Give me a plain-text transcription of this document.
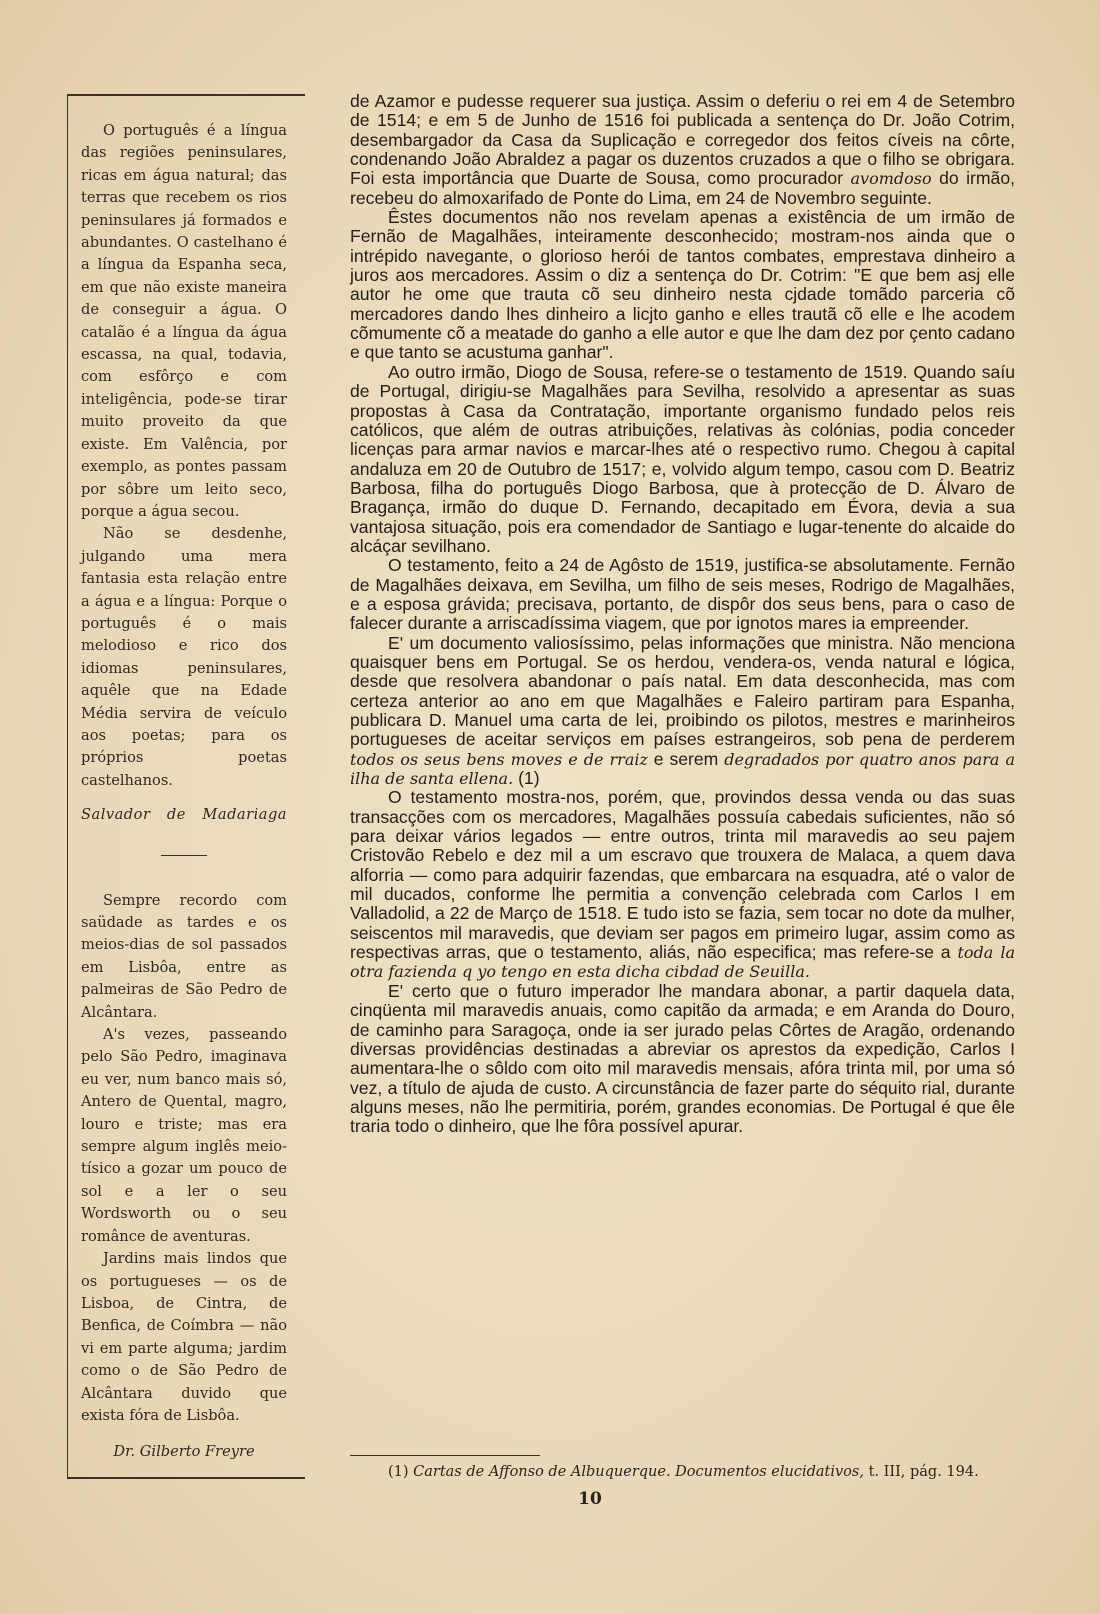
O português é a língua das regiões peninsulares, ricas em água natural; das terras que recebem os rios peninsulares já formados e abundantes. O castelhano é a língua da Espanha seca, em que não existe maneira de conseguir a água. O catalão é a língua da água escassa, na qual, todavia, com esfôrço e com inteligência, pode-se tirar muito proveito da que existe. Em Valência, por exemplo, as pontes passam por sôbre um leito seco, porque a água secou.

Não se desdenhe, julgando uma mera fantasia esta relação entre a água e a língua: Porque o português é o mais melodioso e rico dos idiomas peninsulares, aquêle que na Edade Média servira de veículo aos poetas; para os próprios poetas castelhanos.

Salvador de Madariaga

Sempre recordo com saüdade as tardes e os meios-dias de sol passados em Lisbôa, entre as palmeiras de São Pedro de Alcântara.

A's vezes, passeando pelo São Pedro, imaginava eu ver, num banco mais só, Antero de Quental, magro, louro e triste; mas era sempre algum inglês meio-tísico a gozar um pouco de sol e a ler o seu Wordsworth ou o seu românce de aventuras.

Jardins mais lindos que os portugueses — os de Lisboa, de Cintra, de Benfica, de Coímbra — não vi em parte alguma; jardim como o de São Pedro de Alcântara duvido que exista fóra de Lisbôa.

Dr. Gilberto Freyre

de Azamor e pudesse requerer sua justiça. Assim o deferiu o rei em 4 de Setembro de 1514; e em 5 de Junho de 1516 foi publicada a sentença do Dr. João Cotrim, desembargador da Casa da Suplicação e corregedor dos feitos cíveis na côrte, condenando João Abraldez a pagar os duzentos cruzados a que o filho se obrigara. Foi esta importância que Duarte de Sousa, como procurador avomdoso do irmão, recebeu do almoxarifado de Ponte do Lima, em 24 de Novembro seguinte.

Êstes documentos não nos revelam apenas a existência de um irmão de Fernão de Magalhães, inteiramente desconhecido; mostram-nos ainda que o intrépido navegante, o glorioso herói de tantos combates, emprestava dinheiro a juros aos mercadores. Assim o diz a sentença do Dr. Cotrim: "E que bem asj elle autor he ome que trauta cõ seu dinheiro nesta cjdade tomãdo parceria cõ mercadores dando lhes dinheiro a licjto ganho e elles trautã cõ elle e lhe acodem cõmumente cõ a meatade do ganho a elle autor e que lhe dam dez por çento cadano e que tanto se acustuma ganhar".

Ao outro irmão, Diogo de Sousa, refere-se o testamento de 1519. Quando saíu de Portugal, dirigiu-se Magalhães para Sevilha, resolvido a apresentar as suas propostas à Casa da Contratação, importante organismo fundado pelos reis católicos, que além de outras atribuições, relativas às colónias, podia conceder licenças para armar navios e marcar-lhes até o respectivo rumo. Chegou à capital andaluza em 20 de Outubro de 1517; e, volvido algum tempo, casou com D. Beatriz Barbosa, filha do português Diogo Barbosa, que à protecção de D. Álvaro de Bragança, irmão do duque D. Fernando, decapitado em Évora, devia a sua vantajosa situação, pois era comendador de Santiago e lugar-tenente do alcaide do alcáçar sevilhano.

O testamento, feito a 24 de Agôsto de 1519, justifica-se absolutamente. Fernão de Magalhães deixava, em Sevilha, um filho de seis meses, Rodrigo de Magalhães, e a esposa grávida; precisava, portanto, de dispôr dos seus bens, para o caso de falecer durante a arriscadíssima viagem, que por ignotos mares ia empreender.

E' um documento valiosíssimo, pelas informações que ministra. Não menciona quaisquer bens em Portugal. Se os herdou, vendera-os, venda natural e lógica, desde que resolvera abandonar o país natal. Em data desconhecida, mas com certeza anterior ao ano em que Magalhães e Faleiro partiram para Espanha, publicara D. Manuel uma carta de lei, proibindo os pilotos, mestres e marinheiros portugueses de aceitar serviços em países estrangeiros, sob pena de perderem todos os seus bens moves e de rraiz e serem degradados por quatro anos para a ilha de santa ellena. (1)

O testamento mostra-nos, porém, que, provindos dessa venda ou das suas transacções com os mercadores, Magalhães possuía cabedais suficientes, não só para deixar vários legados — entre outros, trinta mil maravedis ao seu pajem Cristovão Rebelo e dez mil a um escravo que trouxera de Malaca, a quem dava alforria — como para adquirir fazendas, que embarcara na esquadra, até o valor de mil ducados, conforme lhe permitia a convenção celebrada com Carlos I em Valladolid, a 22 de Março de 1518. E tudo isto se fazia, sem tocar no dote da mulher, seiscentos mil maravedis, que deviam ser pagos em primeiro lugar, assim como as respectivas arras, que o testamento, aliás, não especifica; mas refere-se a toda la otra fazienda q yo tengo en esta dicha cibdad de Seuilla.

E' certo que o futuro imperador lhe mandara abonar, a partir daquela data, cinqüenta mil maravedis anuais, como capitão da armada; e em Aranda do Douro, de caminho para Saragoça, onde ia ser jurado pelas Côrtes de Aragão, ordenando diversas providências destinadas a abreviar os aprestos da expedição, Carlos I aumentara-lhe o sôldo com oito mil maravedis mensais, afóra trinta mil, por uma só vez, a título de ajuda de custo. A circunstância de fazer parte do séquito rial, durante alguns meses, não lhe permitiria, porém, grandes economias. De Portugal é que êle traria todo o dinheiro, que lhe fôra possível apurar.

(1) Cartas de Affonso de Albuquerque. Documentos elucidativos, t. III, pág. 194.
10
